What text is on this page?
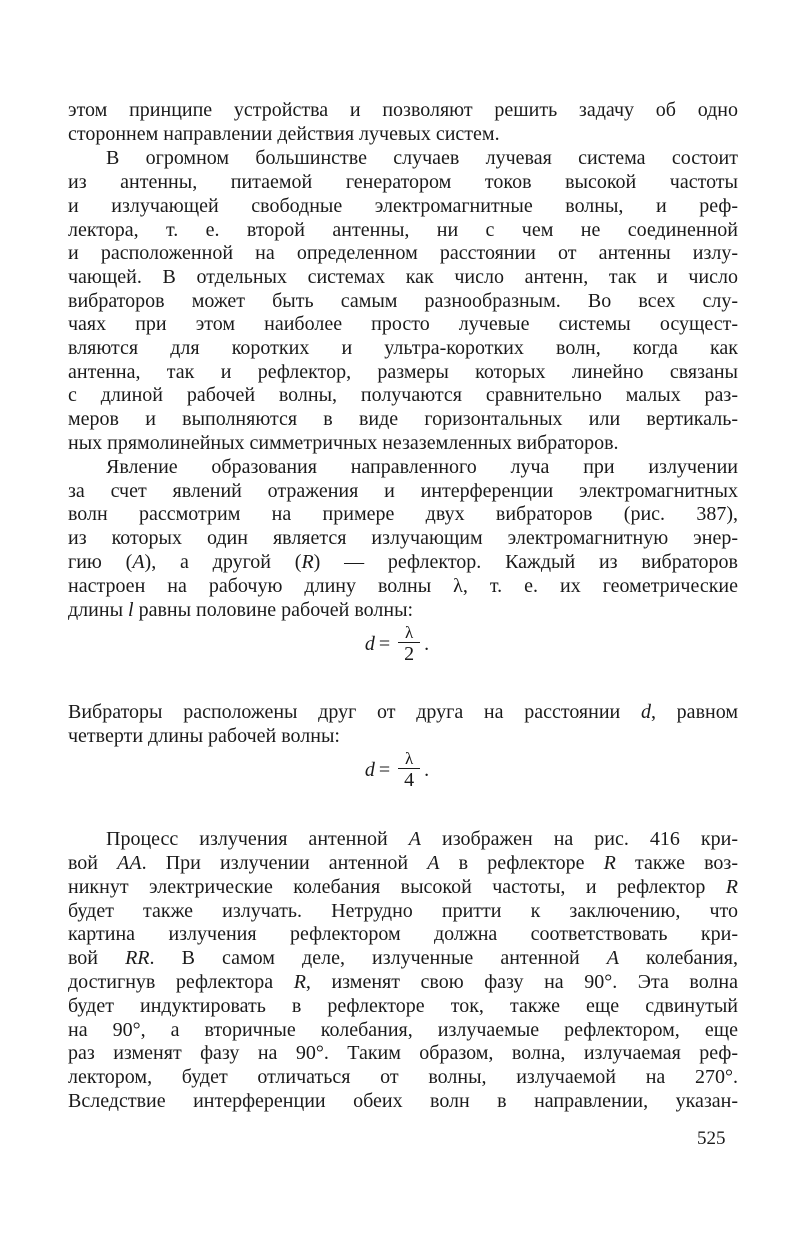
этом принципе устройства и позволяют решить задачу об одно
стороннем направлении действия лучевых систем.
В огромном большинстве случаев лучевая система состоит
из антенны, питаемой генератором токов высокой частоты
и излучающей свободные электромагнитные волны, и реф-
лектора, т. е. второй антенны, ни с чем не соединенной
и расположенной на определенном расстоянии от антенны излу-
чающей. В отдельных системах как число антенн, так и число
вибраторов может быть самым разнообразным. Во всех слу-
чаях при этом наиболее просто лучевые системы осущест-
вляются для коротких и ультра-коротких волн, когда как
антенна, так и рефлектор, размеры которых линейно связаны
с длиной рабочей волны, получаются сравнительно малых раз-
меров и выполняются в виде горизонтальных или вертикаль-
ных прямолинейных симметричных незаземленных вибраторов.
Явление образования направленного луча при излучении
за счет явлений отражения и интерференции электромагнитных
волн рассмотрим на примере двух вибраторов (рис. 387),
из которых один является излучающим электромагнитную энер-
гию (A), а другой (R) — рефлектор. Каждый из вибраторов
настроен на рабочую длину волны λ, т. е. их геометрические
длины l равны половине рабочей волны:
Вибраторы расположены друг от друга на расстоянии d, равном
четверти длины рабочей волны:
Процесс излучения антенной A изображен на рис. 416 кри-
вой AA. При излучении антенной A в рефлекторе R также воз-
никнут электрические колебания высокой частоты, и рефлектор R
будет также излучать. Нетрудно притти к заключению, что
картина излучения рефлектором должна соответствовать кри-
вой RR. В самом деле, излученные антенной A колебания,
достигнув рефлектора R, изменят свою фазу на 90°. Эта волна
будет индуктировать в рефлекторе ток, также еще сдвинутый
на 90°, а вторичные колебания, излучаемые рефлектором, еще
раз изменят фазу на 90°. Таким образом, волна, излучаемая реф-
лектором, будет отличаться от волны, излучаемой на 270°.
Вследствие интерференции обеих волн в направлении, указан-
$d = \frac{\lambda}{2}$ .
$d = \frac{\lambda}{4}$ .
525
